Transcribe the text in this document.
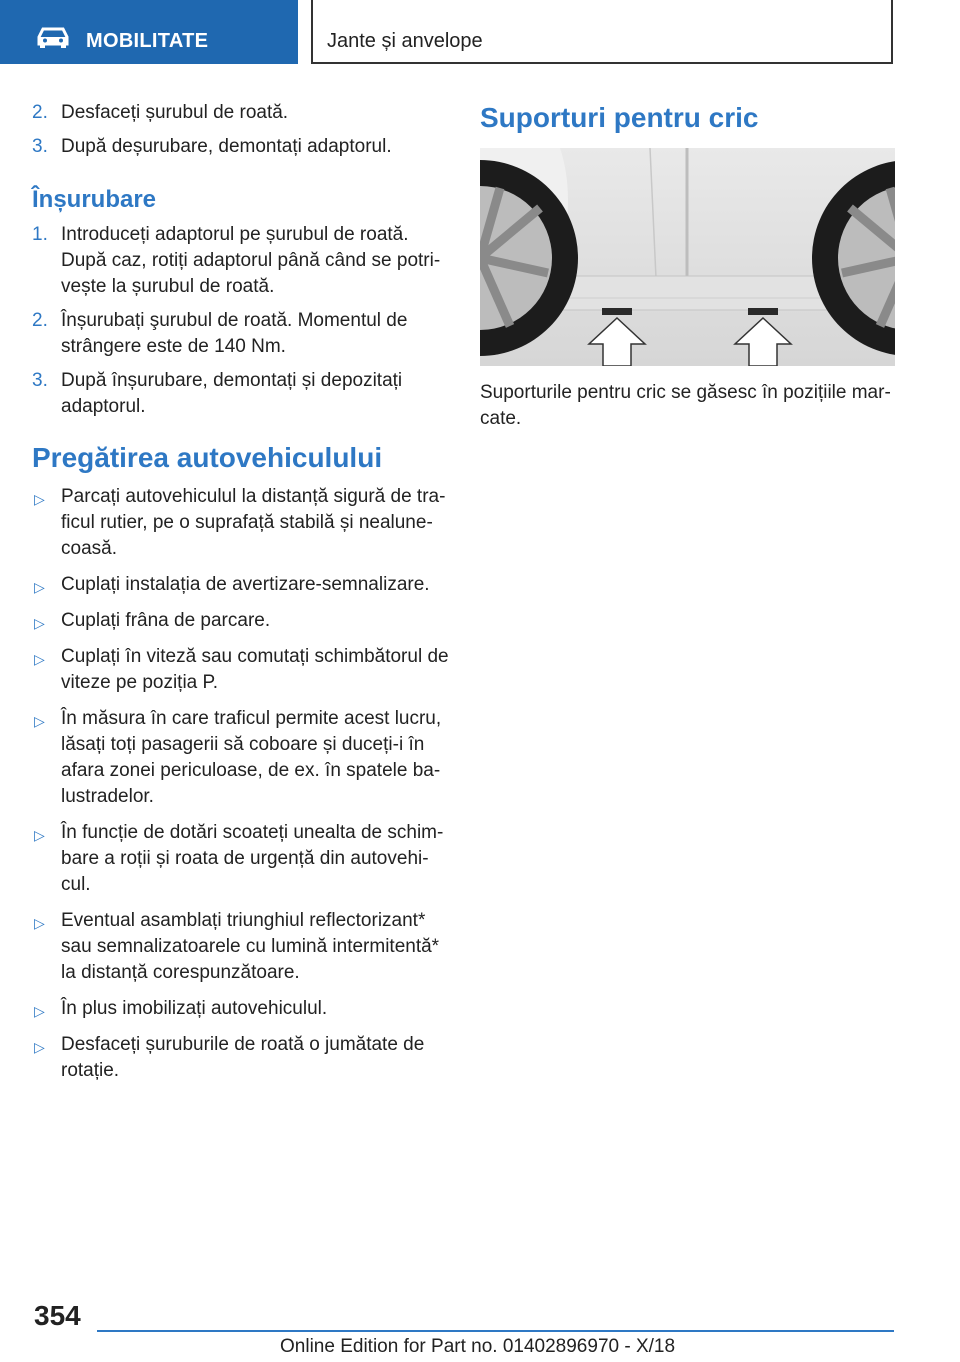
MOBILITATE	Jante și anvelope
2. Desfaceți șurubul de roată.
3. După deșurubare, demontați adaptorul.
Înșurubare
1. Introduceți adaptorul pe șurubul de roată. După caz, rotiți adaptorul până când se potri-vește la șurubul de roată.
2. Înșurubați şurubul de roată. Momentul de strângere este de 140 Nm.
3. După înșurubare, demontați și depozitați adaptorul.
Pregătirea autovehiculului
▷ Parcați autovehiculul la distanță sigură de tra-ficul rutier, pe o suprafață stabilă și nealune-coasă.
▷ Cuplați instalația de avertizare-semnalizare.
▷ Cuplați frâna de parcare.
▷ Cuplați în viteză sau comutați schimbătorul de viteze pe poziția P.
▷ În măsura în care traficul permite acest lucru, lăsați toți pasagerii să coboare și duceți-i în afara zonei periculoase, de ex. în spatele ba-lustradelor.
▷ În funcție de dotări scoateți unealta de schim-bare a roții și roata de urgență din autovehi-cul.
▷ Eventual asamblați triunghiul reflectorizant* sau semnalizatoarele cu lumină intermitentă* la distanță corespunzătoare.
▷ În plus imobilizați autovehiculul.
▷ Desfaceți șuruburile de roată o jumătate de rotație.
Suporturi pentru cric
Suporturile pentru cric se găsesc în pozițiile mar-cate.
354
Online Edition for Part no. 01402896970 - X/18
